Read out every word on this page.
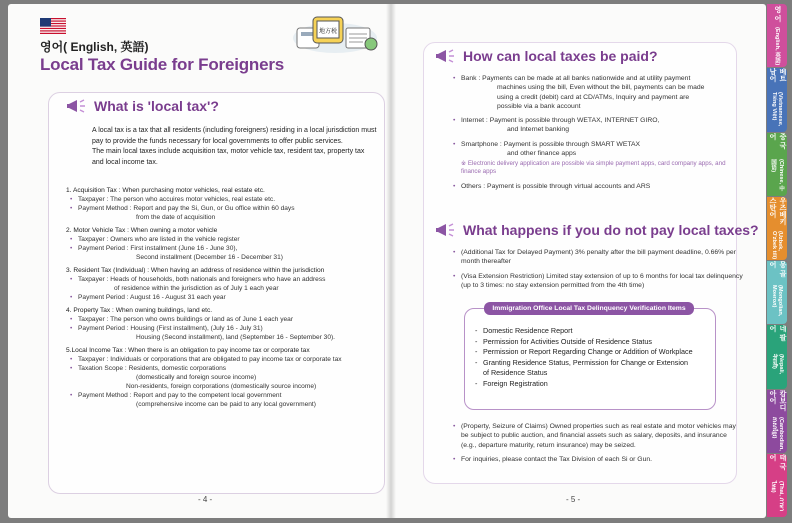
영어( English, 英語)
Local Tax Guide for Foreigners
地方税
What is 'local tax'?
A local tax is a tax that all residents (including foreigners) residing in a local jurisdiction must pay to provide the funds necessary for local governments to offer public services.
The main local taxes include acquisition tax, motor vehicle tax, resident tax, property tax and local income tax.
1. Acquisition Tax : When purchasing motor vehicles, real estate etc.
• Taxpayer : The person who accuires motor vehicles, real estate etc.
• Payment Method : Report and pay the Si, Gun, or Gu office within 60 days
from the date of acquisition
2. Motor Vehicle Tax : When owning a motor vehicle
• Taxpayer : Owners who are listed in the vehicle register
• Payment Period : First installment (June 16 - June 30),
Second installment (December 16 - December 31)
3. Resident Tax (Individual) : When having an address of residence within the jurisdiction
• Taxpayer : Heads of households, both nationals and foreigners who have an address
of residence within the jurisdiction as of July 1 each year
• Payment Period : August 16 - August 31 each year
4. Property Tax : When owning buildings, land etc.
• Taxpayer : The person who owns buildings or land as of June 1 each year
• Payment Period : Housing (First installment), (July 16 - July 31)
Housing (Second installment), land (September 16 - September 30).
5.Local Income Tax : When there is an obligation to pay income tax or corporate tax
• Taxpayer : Individuals or corporations that are obligated to pay income tax or corporate tax
• Taxation Scope : Residents, domestic corporations
(domestically and foreign source income)
Non-residents, foreign corporations (domestically source income)
• Payment Method : Report and pay to the competent local government
(comprehensive income can be paid to any local government)
- 4 -
How can local taxes be paid?

• Bank : Payments can be made at all banks nationwide and at utility payment
machines using the bill, Even without the bill, payments can be made
using a credit (debit) card at CD/ATMs, Inquiry and payment are
possible via a bank account

• Internet : Payment is possible through WETAX, INTERNET GIRO,
and Internet banking

• Smartphone : Payment is possible through SMART WETAX
and other finance apps

※ Electronic delivery application are possible via simple payment apps, card company apps, and finance apps

• Others : Payment is possible through virtual accounts and ARS

What happens if you do not pay local taxes?

• (Additional Tax for Delayed Payment) 3% penalty after the bill payment deadline, 0.66% per month thereafter

• (Visa Extension Restriction) Limited stay extension of up to 6 months for local tax delinquency (up to 3 times: no stay extension permitted from the 4th time)

- Domestic Residence Report
- Permission for Activities Outside of Residence Status
- Permission or Report Regarding Change or Addition of Workplace
- Granting Residence Status, Permission for Change or Extension
of Residence Status
- Foreign Registration
Immigration Office Local Tax Delinquency Verification Items

• (Property, Seizure of Claims) Owned properties such as real estate and motor vehicles may be subject to public auction, and financial assets such as salary, deposits, and insurance (e.g., departure maturity, return insurance) may be seized.

• For inquiries, please contact the Tax Division of each Si or Gun.

- 5 -
영 어
(English, 英語)
베트남어
(Vietnamese, Tiếng Việt)
중 국 어
(Chinese, 中国语)
우즈베키스탄어
(Uzbek, O'zbek tili)
몽 골 어
(Mongolian, Монгол)
네 팔 어
(Nepali, नेपाली)
캄보디아어
(Cambodian, ភាសាខ្មែរ)
태 국 어
(Thai, ภาษาไทย)
